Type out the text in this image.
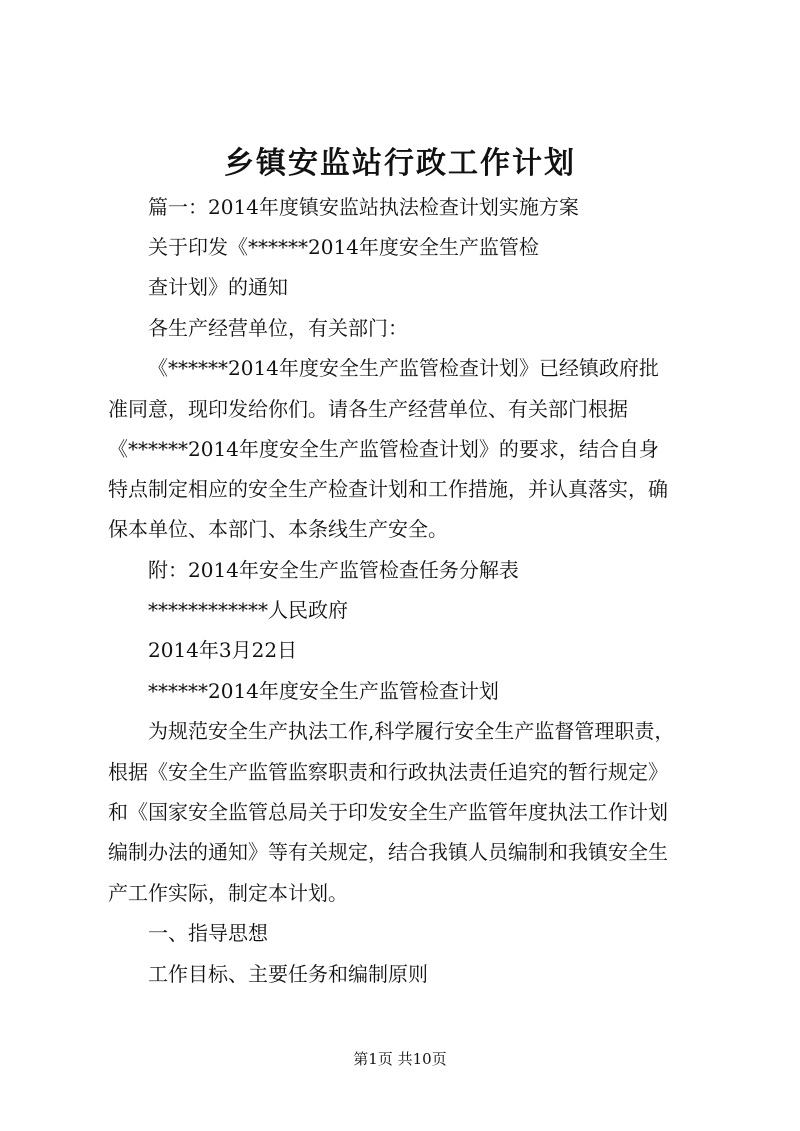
乡镇安监站行政工作计划
篇一：2014年度镇安监站执法检查计划实施方案
关于印发《******2014年度安全生产监管检
查计划》的通知
各生产经营单位，有关部门：
《******2014年度安全生产监管检查计划》已经镇政府批
准同意，现印发给你们。请各生产经营单位、有关部门根据
《******2014年度安全生产监管检查计划》的要求，结合自身
特点制定相应的安全生产检查计划和工作措施，并认真落实，确
保本单位、本部门、本条线生产安全。
附：2014年安全生产监管检查任务分解表
************人民政府
2014年3月22日
******2014年度安全生产监管检查计划
为规范安全生产执法工作,科学履行安全生产监督管理职责，
根据《安全生产监管监察职责和行政执法责任追究的暂行规定》
和《国家安全监管总局关于印发安全生产监管年度执法工作计划
编制办法的通知》等有关规定，结合我镇人员编制和我镇安全生
产工作实际，制定本计划。
一、指导思想
工作目标、主要任务和编制原则
第1页 共10页
